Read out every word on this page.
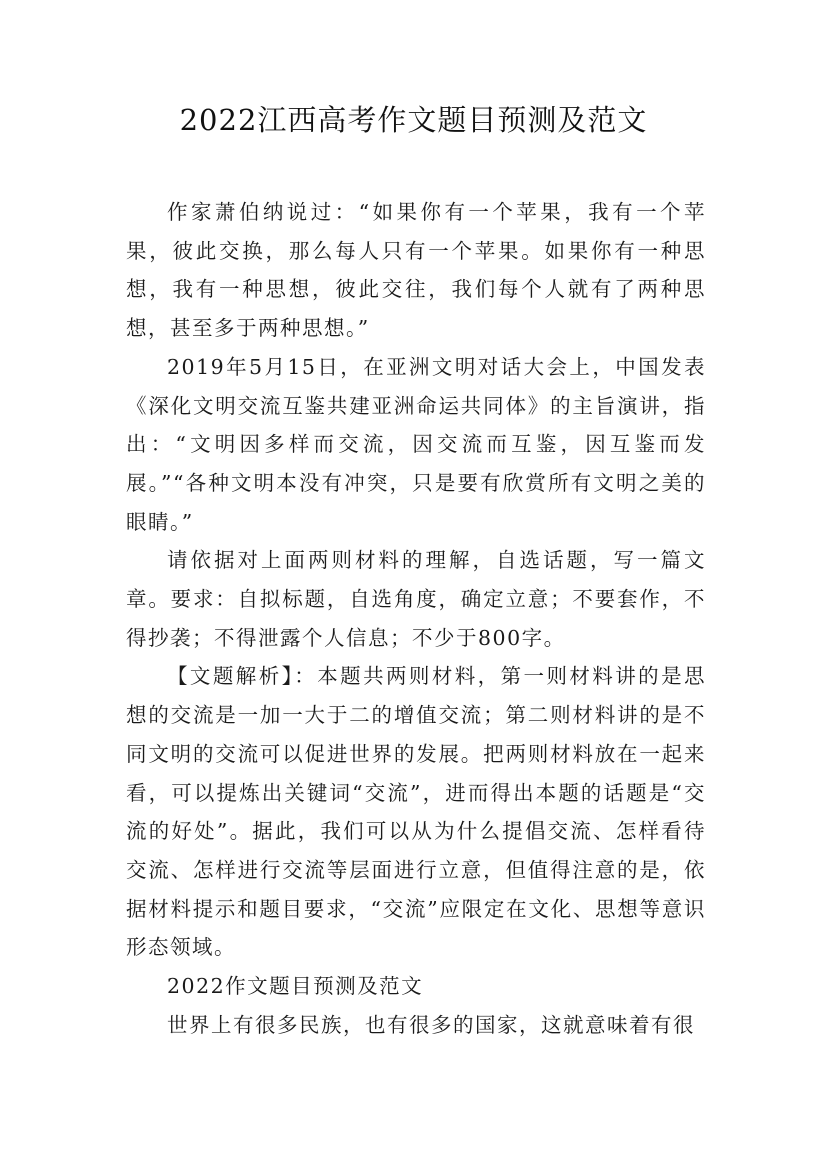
2022江西高考作文题目预测及范文

作家萧伯纳说过：“如果你有一个苹果，我有一个苹果，彼此交换，那么每人只有一个苹果。如果你有一种思想，我有一种思想，彼此交往，我们每个人就有了两种思想，甚至多于两种思想。”

2019年5月15日，在亚洲文明对话大会上，中国发表《深化文明交流互鉴共建亚洲命运共同体》的主旨演讲，指出：“文明因多样而交流，因交流而互鉴，因互鉴而发展。”“各种文明本没有冲突，只是要有欣赏所有文明之美的眼睛。”

请依据对上面两则材料的理解，自选话题，写一篇文章。要求：自拟标题，自选角度，确定立意；不要套作，不得抄袭；不得泄露个人信息；不少于800字。

【文题解析】：本题共两则材料，第一则材料讲的是思想的交流是一加一大于二的增值交流；第二则材料讲的是不同文明的交流可以促进世界的发展。把两则材料放在一起来看，可以提炼出关键词“交流”，进而得出本题的话题是“交流的好处”。据此，我们可以从为什么提倡交流、怎样看待交流、怎样进行交流等层面进行立意，但值得注意的是，依据材料提示和题目要求，“交流”应限定在文化、思想等意识形态领域。

2022作文题目预测及范文

世界上有很多民族，也有很多的国家，这就意味着有很
